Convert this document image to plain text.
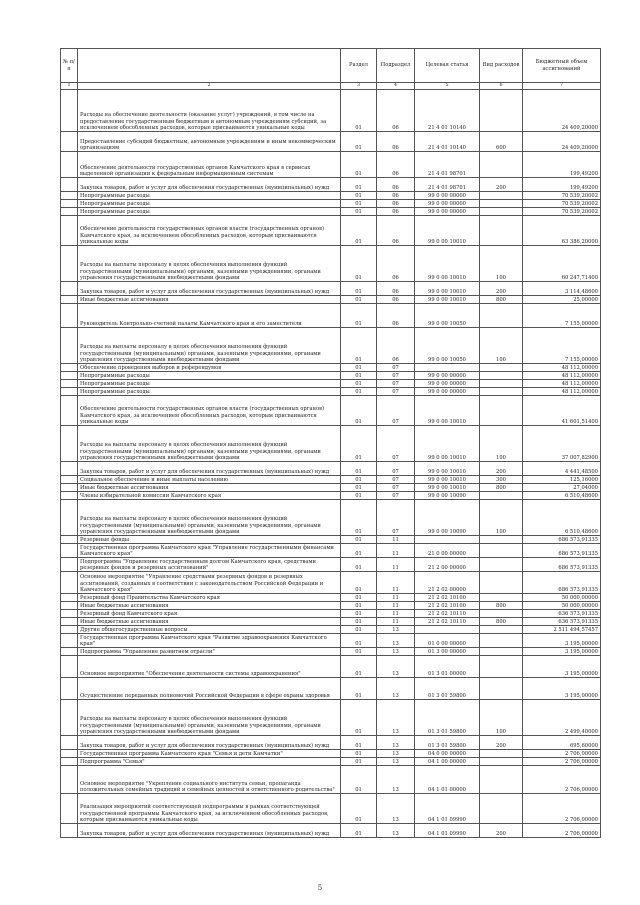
№ п/п		Раздел	Подраздел	Целевая статья	Вид расходов	Бюджетный объем ассигнований
1	2	3	4	5	6	7
	Расходы на обеспечение деятельности (оказание услуг) учреждений, в том числе на предоставление государственным бюджетным и автономным учреждениям субсидий, за исключением обособленных расходов, которые присваиваются уникальные коды	01	06	21 4 01 10140		24 409,20000
	Предоставление субсидий бюджетным, автономным учреждениям и иным некоммерческим организациям	01	06	21 4 01 10140	600	24 409,20000
	Обеспечение деятельности государственных органов Камчатского края в сервисах выделенной организации к федеральным информационным системам	01	06	21 4 01 98701		199,49200
	Закупка товаров, работ и услуг для обеспечения государственных (муниципальных) нужд	01	06	21 4 01 98701	200	199,49200
	Непрограммные расходы	01	06	99 0 00 00000		70 539,20002
	Непрограммные расходы	01	06	99 0 00 00000		70 539,20002
	Непрограммные расходы	01	06	99 0 00 00000		70 539,20002
	Обеспечение деятельности государственных органов власти (государственных органов) Камчатского края, за исключением обособленных расходов, которым присваиваются уникальные коды	01	06	99 0 00 10010		63 386,20000
	Расходы на выплаты персоналу в целях обеспечения выполнения функций государственными (муниципальными) органами, казенными учреждениями, органами управления государственными внебюджетными фондами	01	06	99 0 00 10010	100	60 247,71400
	Закупка товаров, работ и услуг для обеспечения государственных (муниципальных) нужд	01	06	99 0 00 10010	200	3 114,48600
	Иные бюджетные ассигнования	01	06	99 0 00 10010	800	25,00000
	Руководитель Контрольно-счетной палаты Камчатского края и его заместители	01	06	99 0 00 10050		7 155,00000
	Расходы на выплаты персоналу в целях обеспечения выполнения функций государственными (муниципальными) органами, казенными учреждениями, органами управления государственными внебюджетными фондами	01	06	99 0 00 10050	100	7 155,00000
	Обеспечение проведения выборов и референдумов	01	07			48 112,00000
	Непрограммные расходы	01	07	99 0 00 00000		48 112,00000
	Непрограммные расходы	01	07	99 0 00 00000		48 112,00000
	Непрограммные расходы	01	07	99 0 00 00000		48 112,00000
	Обеспечение деятельности государственных органов власти (государственных органов) Камчатского края, за исключением обособленных расходов, которым присваиваются уникальные коды	01	07	99 0 00 10010		41 601,51400
	Расходы на выплаты персоналу в целях обеспечения выполнения функций государственными (муниципальными) органами, казенными учреждениями, органами управления государственными внебюджетными фондами	01	07	99 0 00 10010	100	37 007,82900
	Закупка товаров, работ и услуг для обеспечения государственных (муниципальных) нужд	01	07	99 0 00 10010	200	4 441,48500
	Социальное обеспечение и иные выплаты населению	01	07	99 0 00 10010	300	125,16000
	Иные бюджетные ассигнования	01	07	99 0 00 10010	800	27,04000
	Члены избирательной комиссии Камчатского края	01	07	99 0 00 10090		6 510,48600
	Расходы на выплаты персоналу в целях обеспечения выполнения функций государственными (муниципальными) органами, казенными учреждениями, органами управления государственными внебюджетными фондами	01	07	99 0 00 10090	100	6 510,48600
	Резервные фонды	01	11			686 573,91335
	Государственная программа Камчатского края "Управление государственными финансами Камчатского края"	01	11	21 0 00 00000		686 573,91335
	Подпрограмма "Управление государственным долгом Камчатского края, средствами резервных фондов и резервных ассигнований"	01	11	21 2 00 00000		686 573,91335
	Основное мероприятие "Управление средствами резервных фондов и резервных ассигнований, созданных в соответствии с законодательством Российской Федерации и Камчатского края"	01	11	21 2 02 00000		686 573,91335
	Резервный фонд Правительства Камчатского края	01	11	21 2 02 10100		50 000,00000
	Иные бюджетные ассигнования	01	11	21 2 02 10100	800	50 000,00000
	Резервный фонд Камчатского края	01	11	21 2 02 10110		636 573,91335
	Иные бюджетные ассигнования	01	11	21 2 02 10110	800	636 573,91335
	Другие общегосударственные вопросы	01	13			2 511 494,57457
	Государственная программа Камчатского края "Развитие здравоохранения Камчатского края"	01	13	01 0 00 00000		3 195,00000
	Подпрограмма "Управление развитием отрасли"	01	13	01 3 00 00000		3 195,00000
	Основное мероприятие "Обеспечение деятельности системы здравоохранения"	01	13	01 3 01 00000		3 195,00000
	Осуществление переданных полномочий Российской Федерации в сфере охраны здоровья	01	13	01 3 01 59800		3 195,00000
	Расходы на выплаты персоналу в целях обеспечения выполнения функций государственными (муниципальными) органами, казенными учреждениями, органами управления государственными внебюджетными фондами	01	13	01 3 01 59800	100	2 499,40000
	Закупка товаров, работ и услуг для обеспечения государственных (муниципальных) нужд	01	13	01 3 01 59800	200	695,60000
	Государственная программа Камчатского края "Семья и дети Камчатки"	01	13	04 0 00 00000		2 706,00000
	Подпрограмма "Семья"	01	13	04 1 00 00000		2 706,00000
	Основное мероприятие "Укрепление социального института семьи, пропаганда положительных семейных традиций и семейных ценностей и ответственного родительства"	01	13	04 1 01 00000		2 706,00000
	Реализация мероприятий соответствующей подпрограммы в рамках соответствующей государственной программы Камчатского края, за исключением обособленных расходов, которым присваиваются уникальные коды	01	13	04 1 01 09990		2 706,00000
	Закупка товаров, работ и услуг для обеспечения государственных (муниципальных) нужд	01	13	04 1 01 09990	200	2 706,00000
5
